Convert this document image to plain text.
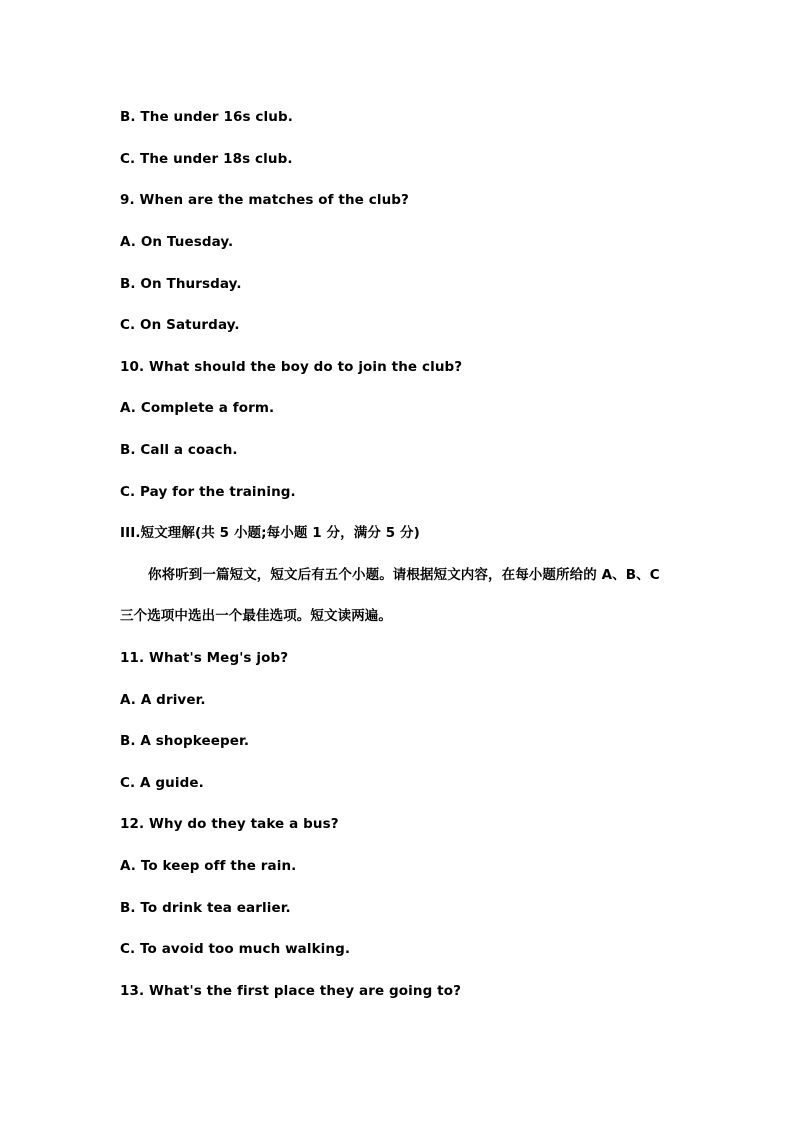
B. The under 16s club.
C. The under 18s club.
9. When are the matches of the club?
A. On Tuesday.
B. On Thursday.
C. On Saturday.
10. What should the boy do to join the club?
A. Complete a form.
B. Call a coach.
C. Pay for the training.
III.短文理解(共 5 小题;每小题 1 分，满分 5 分)
你将听到一篇短文，短文后有五个小题。请根据短文内容，在每小题所给的 A、B、C
三个选项中选出一个最佳选项。短文读两遍。
11. What's Meg's job?
A. A driver.
B. A shopkeeper.
C. A guide.
12. Why do they take a bus?
A. To keep off the rain.
B. To drink tea earlier.
C. To avoid too much walking.
13. What's the first place they are going to?
